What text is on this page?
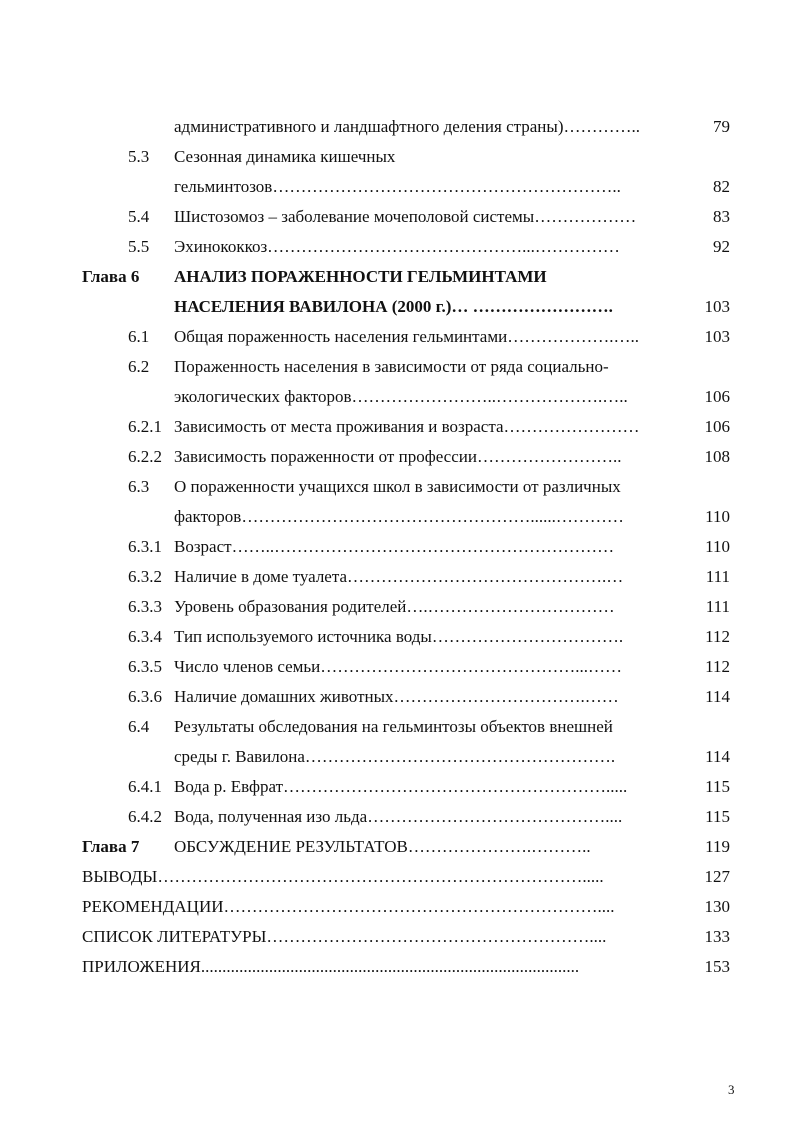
административного и ландшафтного деления страны)…………..	79
5.3 Сезонная динамика кишечных
гельминтозов……………………………………………………..	82
5.4 Шистозомоз – заболевание мочеполовой системы………………	83
5.5 Эхинококкоз………………………………………...……………	92
Глава 6 АНАЛИЗ ПОРАЖЕННОСТИ ГЕЛЬМИНТАМИ
НАСЕЛЕНИЯ ВАВИЛОНА (2000 г.)… …………………….	103
6.1 Общая пораженность населения гельминтами……………….…..	103
6.2 Пораженность населения в зависимости от ряда социально-
экологических факторов……………………..……………….…..	106
6.2.1 Зависимость от места проживания и возраста……………………	106
6.2.2 Зависимость пораженности от профессии……………………..	108
6.3 О пораженности учащихся школ в зависимости от различных
факторов……………………………………………......…………	110
6.3.1 Возраст……..……………………………………………………	110
6.3.2 Наличие в доме туалета……………………………………….…	111
6.3.3 Уровень образования родителей….……………………………	111
6.3.4 Тип используемого источника воды…………………………….	112
6.3.5 Число членов семьи………………………………………...……	112
6.3.6 Наличие домашних животных…………………………….……	114
6.4 Результаты обследования на гельминтозы объектов внешней
среды г. Вавилона……………………………………………….	114
6.4.1 Вода р. Евфрат………………………………………………….....	115
6.4.2 Вода, полученная изо льда……………………………………....	115
Глава 7 ОБСУЖДЕНИЕ РЕЗУЛЬТАТОВ………………….………..	119
ВЫВОДЫ………………………………………………………………….....	127
РЕКОМЕНДАЦИИ…………………………………………………………....	130
СПИСОК ЛИТЕРАТУРЫ…………………………………………………....	133
ПРИЛОЖЕНИЯ.........................................................................................	153
3
